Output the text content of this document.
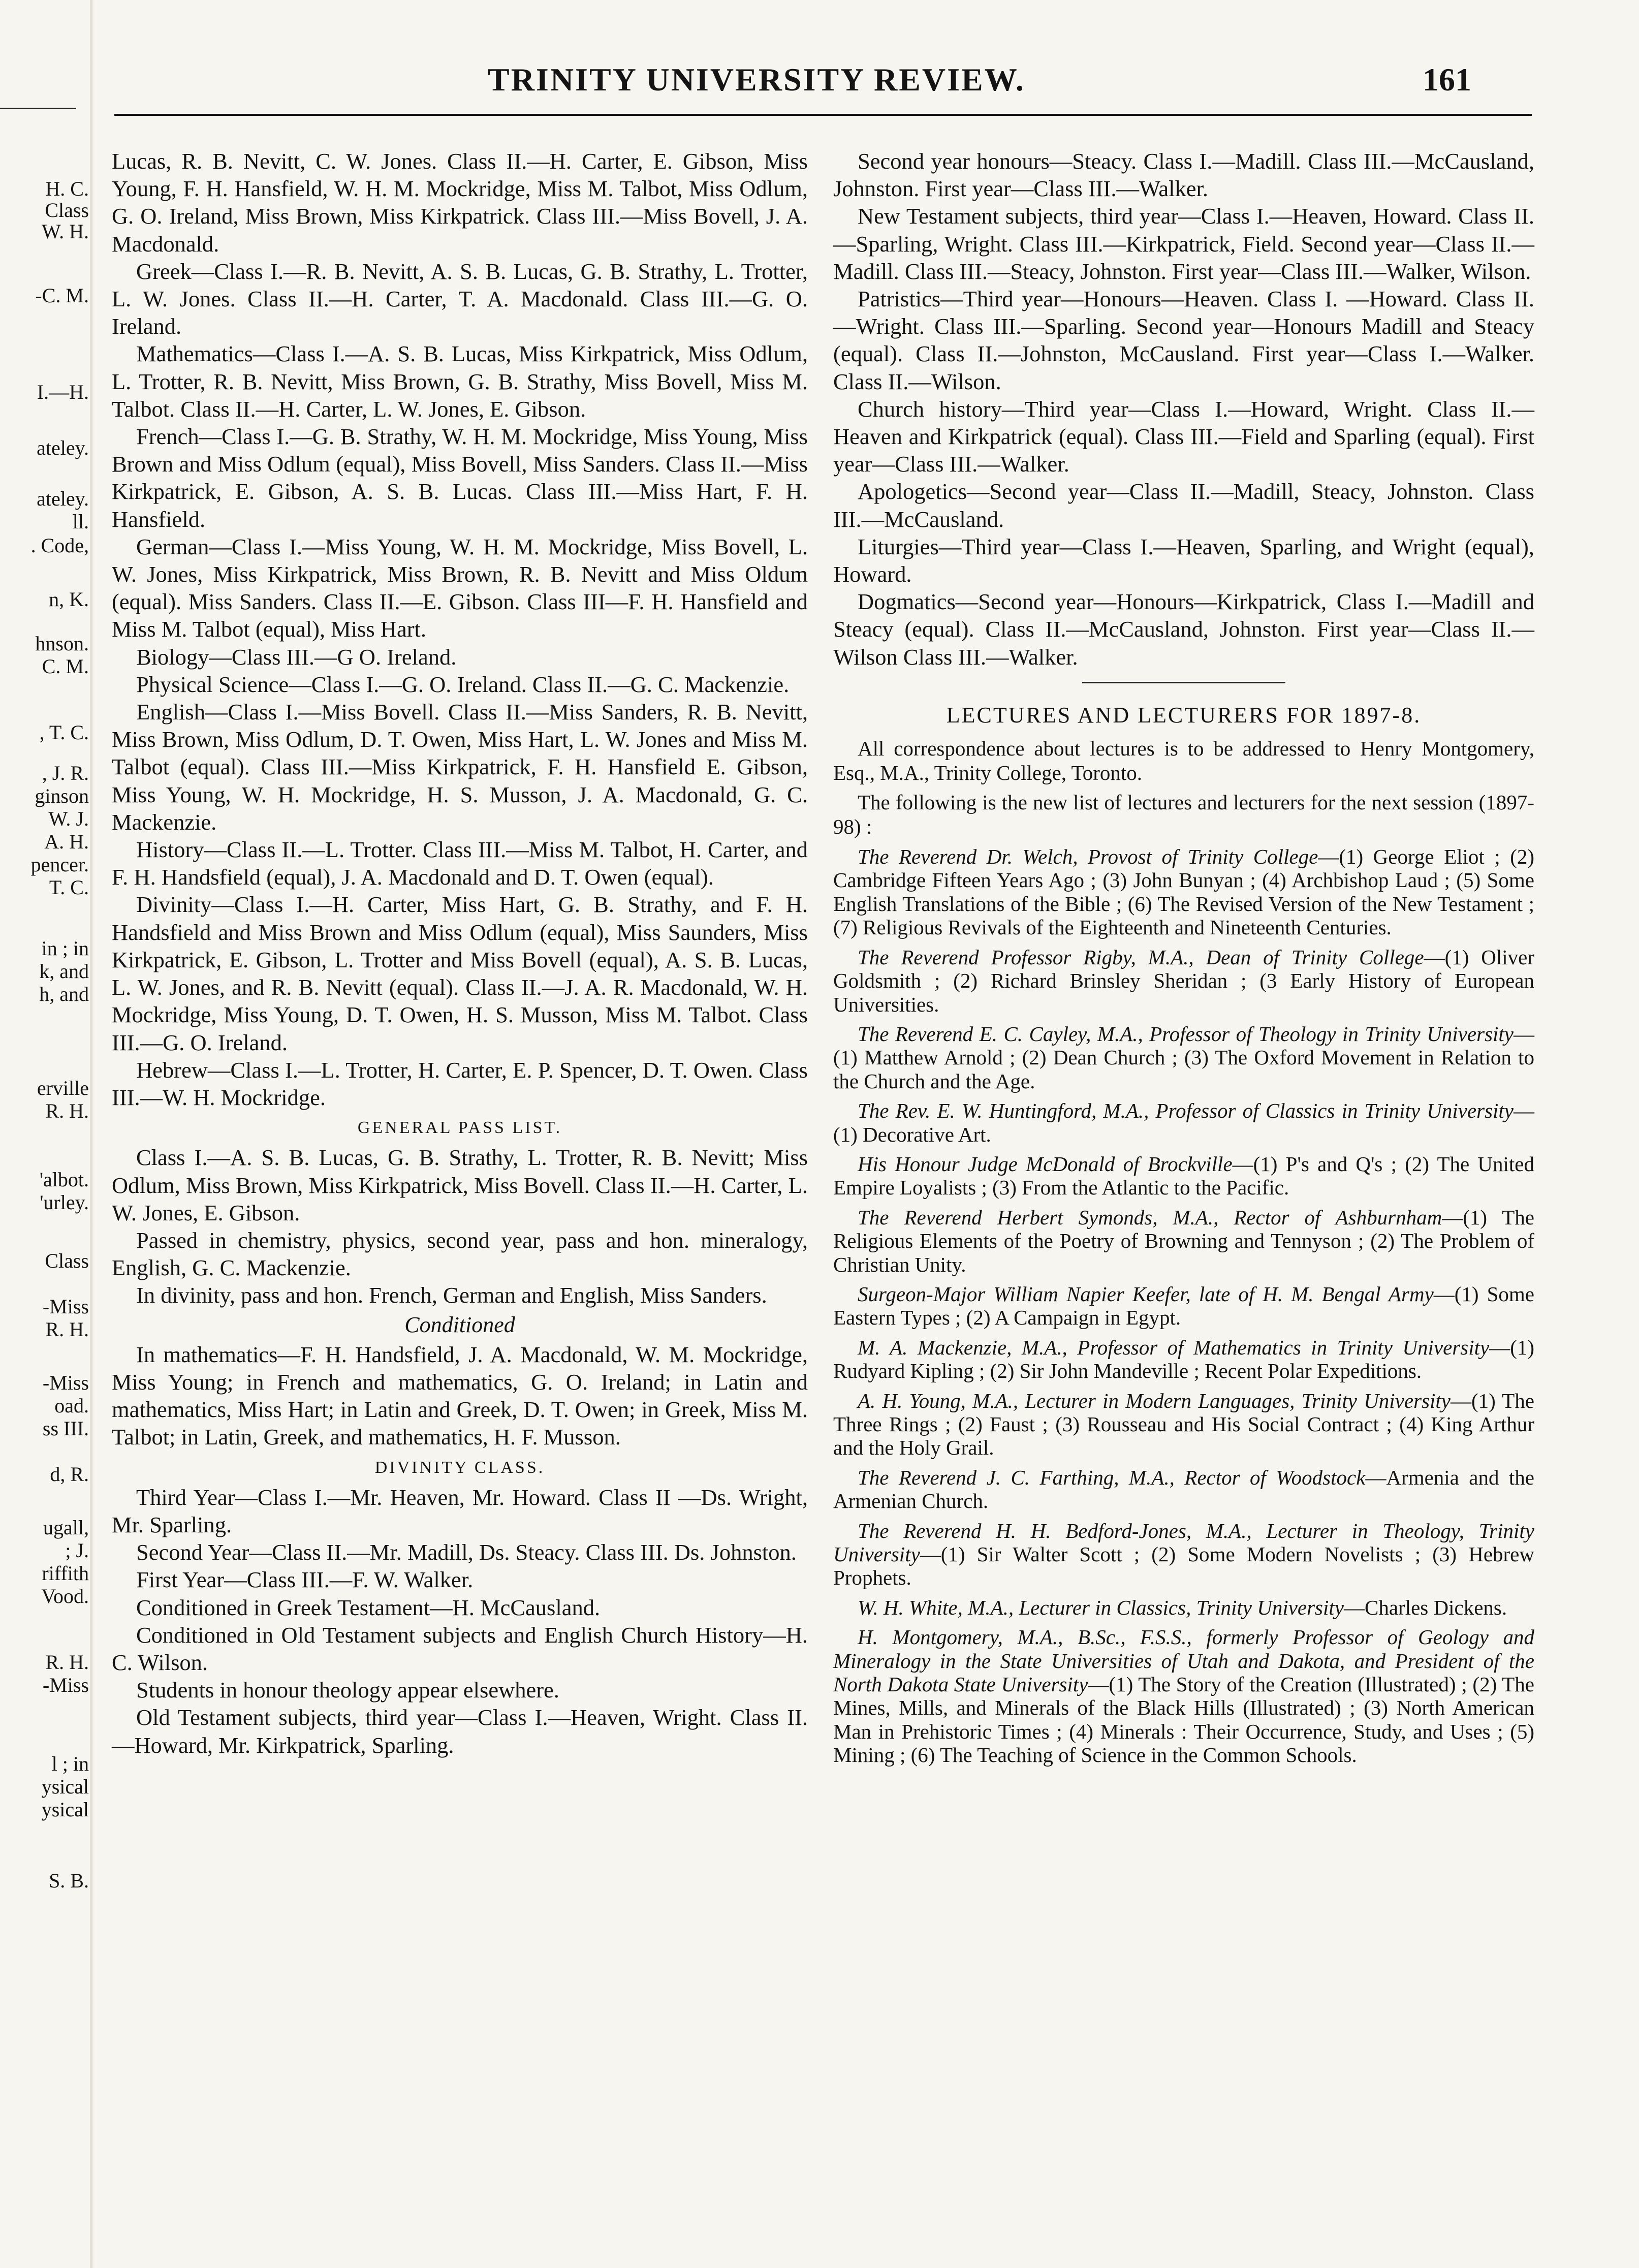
H. C.
Class
W. H.
-C. M.
I.—H.
ateley.
ateley.
ll.
. Code,
n, K.
hnson.
C. M.
, T. C.
, J. R.
ginson
W. J.
A. H.
pencer.
T. C.
in ; in
k, and
h, and
erville
R. H.
'albot.
'urley.
Class
-Miss
R. H.
-Miss
oad.
ss III.
d, R.
ugall,
; J.
riffith
Vood.
R. H.
-Miss
l ; in
ysical
ysical
S. B.
TRINITY UNIVERSITY REVIEW.	161

Lucas, R. B. Nevitt, C. W. Jones. Class II.—H. Carter, E. Gibson, Miss Young, F. H. Hansfield, W. H. M. Mockridge, Miss M. Talbot, Miss Odlum, G. O. Ireland, Miss Brown, Miss Kirkpatrick. Class III.—Miss Bovell, J. A. Macdonald.

Greek—Class I.—R. B. Nevitt, A. S. B. Lucas, G. B. Strathy, L. Trotter, L. W. Jones. Class II.—H. Carter, T. A. Macdonald. Class III.—G. O. Ireland.

Mathematics—Class I.—A. S. B. Lucas, Miss Kirkpatrick, Miss Odlum, L. Trotter, R. B. Nevitt, Miss Brown, G. B. Strathy, Miss Bovell, Miss M. Talbot. Class II.—H. Carter, L. W. Jones, E. Gibson.

French—Class I.—G. B. Strathy, W. H. M. Mockridge, Miss Young, Miss Brown and Miss Odlum (equal), Miss Bovell, Miss Sanders. Class II.—Miss Kirkpatrick, E. Gibson, A. S. B. Lucas. Class III.—Miss Hart, F. H. Hansfield.

German—Class I.—Miss Young, W. H. M. Mockridge, Miss Bovell, L. W. Jones, Miss Kirkpatrick, Miss Brown, R. B. Nevitt and Miss Oldum (equal). Miss Sanders. Class II.—E. Gibson. Class III—F. H. Hansfield and Miss M. Talbot (equal), Miss Hart.

Biology—Class III.—G O. Ireland.

Physical Science—Class I.—G. O. Ireland. Class II.—G. C. Mackenzie.

English—Class I.—Miss Bovell. Class II.—Miss Sanders, R. B. Nevitt, Miss Brown, Miss Odlum, D. T. Owen, Miss Hart, L. W. Jones and Miss M. Talbot (equal). Class III.—Miss Kirkpatrick, F. H. Hansfield E. Gibson, Miss Young, W. H. Mockridge, H. S. Musson, J. A. Macdonald, G. C. Mackenzie.

History—Class II.—L. Trotter. Class III.—Miss M. Talbot, H. Carter, and F. H. Handsfield (equal), J. A. Macdonald and D. T. Owen (equal).

Divinity—Class I.—H. Carter, Miss Hart, G. B. Strathy, and F. H. Handsfield and Miss Brown and Miss Odlum (equal), Miss Saunders, Miss Kirkpatrick, E. Gibson, L. Trotter and Miss Bovell (equal), A. S. B. Lucas, L. W. Jones, and R. B. Nevitt (equal). Class II.—J. A. R. Macdonald, W. H. Mockridge, Miss Young, D. T. Owen, H. S. Musson, Miss M. Talbot. Class III.—G. O. Ireland.

Hebrew—Class I.—L. Trotter, H. Carter, E. P. Spencer, D. T. Owen. Class III.—W. H. Mockridge.

GENERAL PASS LIST.

Class I.—A. S. B. Lucas, G. B. Strathy, L. Trotter, R. B. Nevitt; Miss Odlum, Miss Brown, Miss Kirkpatrick, Miss Bovell. Class II.—H. Carter, L. W. Jones, E. Gibson.

Passed in chemistry, physics, second year, pass and hon. mineralogy, English, G. C. Mackenzie.

In divinity, pass and hon. French, German and English, Miss Sanders.

Conditioned

In mathematics—F. H. Handsfield, J. A. Macdonald, W. M. Mockridge, Miss Young; in French and mathematics, G. O. Ireland; in Latin and mathematics, Miss Hart; in Latin and Greek, D. T. Owen; in Greek, Miss M. Talbot; in Latin, Greek, and mathematics, H. F. Musson.

DIVINITY CLASS.

Third Year—Class I.—Mr. Heaven, Mr. Howard. Class II —Ds. Wright, Mr. Sparling.

Second Year—Class II.—Mr. Madill, Ds. Steacy. Class III. Ds. Johnston.

First Year—Class III.—F. W. Walker.

Conditioned in Greek Testament—H. McCausland.

Conditioned in Old Testament subjects and English Church History—H. C. Wilson.

Students in honour theology appear elsewhere.

Old Testament subjects, third year—Class I.—Heaven, Wright. Class II.—Howard, Mr. Kirkpatrick, Sparling.

Second year honours—Steacy. Class I.—Madill. Class III.—McCausland, Johnston. First year—Class III.—Walker.

New Testament subjects, third year—Class I.—Heaven, Howard. Class II.—Sparling, Wright. Class III.—Kirkpatrick, Field. Second year—Class II.—Madill. Class III.—Steacy, Johnston. First year—Class III.—Walker, Wilson.

Patristics—Third year—Honours—Heaven. Class I. —Howard. Class II.—Wright. Class III.—Sparling. Second year—Honours Madill and Steacy (equal). Class II.—Johnston, McCausland. First year—Class I.—Walker. Class II.—Wilson.

Church history—Third year—Class I.—Howard, Wright. Class II.—Heaven and Kirkpatrick (equal). Class III.—Field and Sparling (equal). First year—Class III.—Walker.

Apologetics—Second year—Class II.—Madill, Steacy, Johnston. Class III.—McCausland.

Liturgies—Third year—Class I.—Heaven, Sparling, and Wright (equal), Howard.

Dogmatics—Second year—Honours—Kirkpatrick, Class I.—Madill and Steacy (equal). Class II.—McCausland, Johnston. First year—Class II.—Wilson Class III.—Walker.

LECTURES AND LECTURERS FOR 1897-8.

All correspondence about lectures is to be addressed to Henry Montgomery, Esq., M.A., Trinity College, Toronto.

The following is the new list of lectures and lecturers for the next session (1897-98) :

The Reverend Dr. Welch, Provost of Trinity College—(1) George Eliot ; (2) Cambridge Fifteen Years Ago ; (3) John Bunyan ; (4) Archbishop Laud ; (5) Some English Translations of the Bible ; (6) The Revised Version of the New Testament ; (7) Religious Revivals of the Eighteenth and Nineteenth Centuries.

The Reverend Professor Rigby, M.A., Dean of Trinity College—(1) Oliver Goldsmith ; (2) Richard Brinsley Sheridan ; (3 Early History of European Universities.

The Reverend E. C. Cayley, M.A., Professor of Theology in Trinity University—(1) Matthew Arnold ; (2) Dean Church ; (3) The Oxford Movement in Relation to the Church and the Age.

The Rev. E. W. Huntingford, M.A., Professor of Classics in Trinity University—(1) Decorative Art.

His Honour Judge McDonald of Brockville—(1) P's and Q's ; (2) The United Empire Loyalists ; (3) From the Atlantic to the Pacific.

The Reverend Herbert Symonds, M.A., Rector of Ashburnham—(1) The Religious Elements of the Poetry of Browning and Tennyson ; (2) The Problem of Christian Unity.

Surgeon-Major William Napier Keefer, late of H. M. Bengal Army—(1) Some Eastern Types ; (2) A Campaign in Egypt.

M. A. Mackenzie, M.A., Professor of Mathematics in Trinity University—(1) Rudyard Kipling ; (2) Sir John Mandeville ; Recent Polar Expeditions.

A. H. Young, M.A., Lecturer in Modern Languages, Trinity University—(1) The Three Rings ; (2) Faust ; (3) Rousseau and His Social Contract ; (4) King Arthur and the Holy Grail.

The Reverend J. C. Farthing, M.A., Rector of Woodstock—Armenia and the Armenian Church.

The Reverend H. H. Bedford-Jones, M.A., Lecturer in Theology, Trinity University—(1) Sir Walter Scott ; (2) Some Modern Novelists ; (3) Hebrew Prophets.

W. H. White, M.A., Lecturer in Classics, Trinity University—Charles Dickens.

H. Montgomery, M.A., B.Sc., F.S.S., formerly Professor of Geology and Mineralogy in the State Universities of Utah and Dakota, and President of the North Dakota State University—(1) The Story of the Creation (Illustrated) ; (2) The Mines, Mills, and Minerals of the Black Hills (Illustrated) ; (3) North American Man in Prehistoric Times ; (4) Minerals : Their Occurrence, Study, and Uses ; (5) Mining ; (6) The Teaching of Science in the Common Schools.
